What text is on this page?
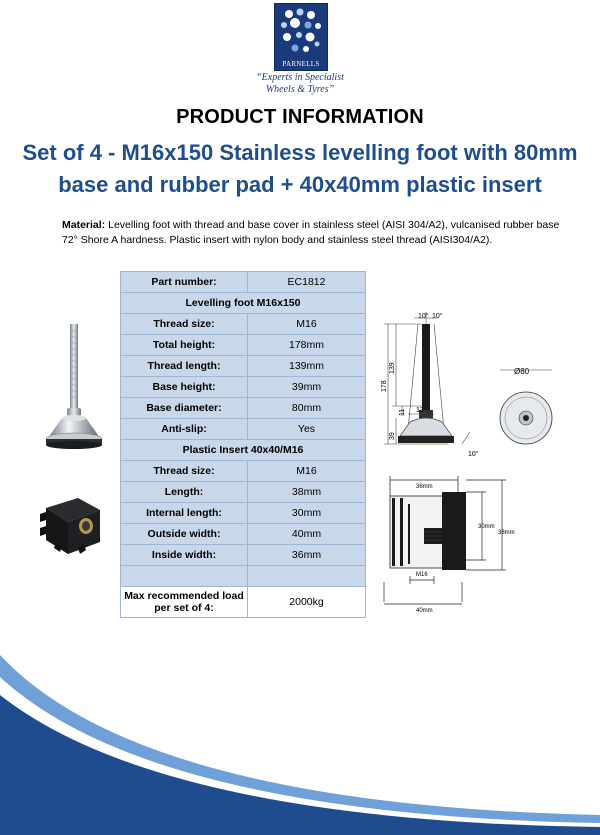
PARNELLS
“Experts in Specialist
Wheels & Tyres”
PRODUCT INFORMATION
Set of 4 - M16x150 Stainless levelling foot with 80mm
base and rubber pad + 40x40mm plastic insert
Material: Levelling foot with thread and base cover in stainless steel (AISI 304/A2), vulcanised rubber base 72° Shore A hardness. Plastic insert with nylon body and stainless steel thread (AISI304/A2).
Part number:	EC1812
Levelling foot M16x150	
Thread size:	M16
Total height:	178mm
Thread length:	139mm
Base height:	39mm
Base diameter:	80mm
Anti-slip:	Yes
Plastic Insert 40x40/M16	
Thread size:	M16
Length:	38mm
Internal length:	30mm
Outside width:	40mm
Inside width:	36mm

Max recommended load
per set of 4:	2000kg
10° 10°
178
139
13
11
39
10°
Ø80
36mm
30mm
38mm
M16
40mm
